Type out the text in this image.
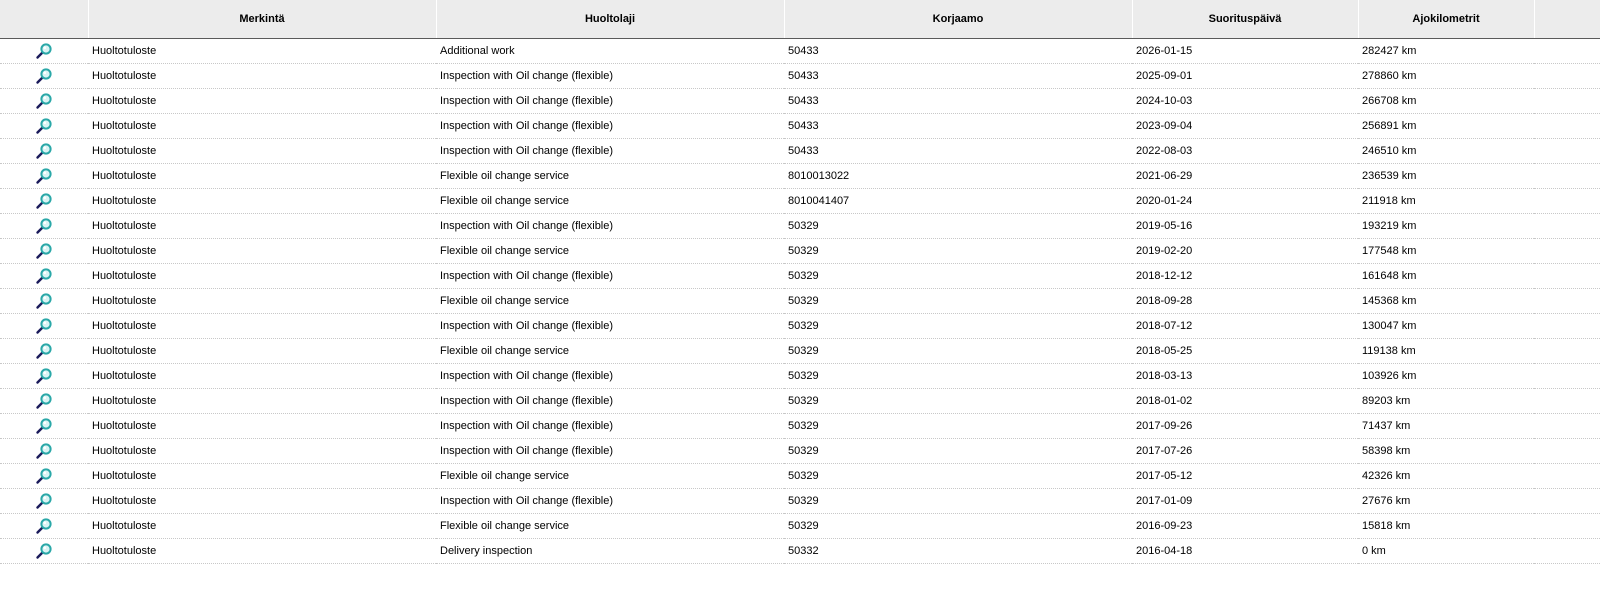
	Merkintä	Huoltolaji	Korjaamo	Suorituspäivä	Ajokilometrit	
	Huoltotuloste	Additional work	50433	2026-01-15	282427 km	
	Huoltotuloste	Inspection with Oil change (flexible)	50433	2025-09-01	278860 km	
	Huoltotuloste	Inspection with Oil change (flexible)	50433	2024-10-03	266708 km	
	Huoltotuloste	Inspection with Oil change (flexible)	50433	2023-09-04	256891 km	
	Huoltotuloste	Inspection with Oil change (flexible)	50433	2022-08-03	246510 km	
	Huoltotuloste	Flexible oil change service	8010013022	2021-06-29	236539 km	
	Huoltotuloste	Flexible oil change service	8010041407	2020-01-24	211918 km	
	Huoltotuloste	Inspection with Oil change (flexible)	50329	2019-05-16	193219 km	
	Huoltotuloste	Flexible oil change service	50329	2019-02-20	177548 km	
	Huoltotuloste	Inspection with Oil change (flexible)	50329	2018-12-12	161648 km	
	Huoltotuloste	Flexible oil change service	50329	2018-09-28	145368 km	
	Huoltotuloste	Inspection with Oil change (flexible)	50329	2018-07-12	130047 km	
	Huoltotuloste	Flexible oil change service	50329	2018-05-25	119138 km	
	Huoltotuloste	Inspection with Oil change (flexible)	50329	2018-03-13	103926 km	
	Huoltotuloste	Inspection with Oil change (flexible)	50329	2018-01-02	89203 km	
	Huoltotuloste	Inspection with Oil change (flexible)	50329	2017-09-26	71437 km	
	Huoltotuloste	Inspection with Oil change (flexible)	50329	2017-07-26	58398 km	
	Huoltotuloste	Flexible oil change service	50329	2017-05-12	42326 km	
	Huoltotuloste	Inspection with Oil change (flexible)	50329	2017-01-09	27676 km	
	Huoltotuloste	Flexible oil change service	50329	2016-09-23	15818 km	
	Huoltotuloste	Delivery inspection	50332	2016-04-18	0 km	
